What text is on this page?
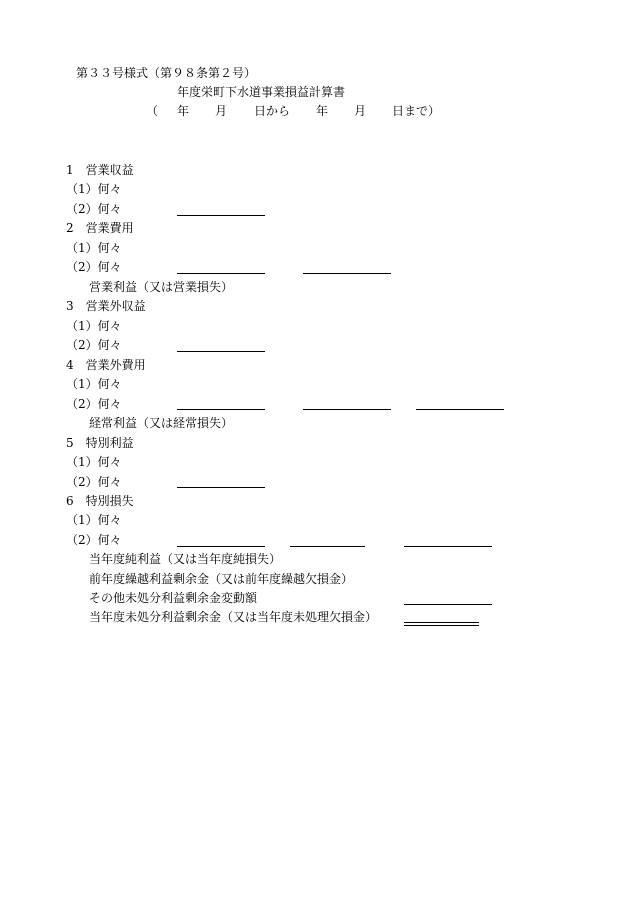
第３３号様式（第９８条第２号）
年度栄町下水道事業損益計算書
（ 年 月 日から 年 月 日まで）
1　営業収益
（1）何々
（2）何々
2　営業費用
（1）何々
（2）何々
営業利益（又は営業損失）
3　営業外収益
（1）何々
（2）何々
4　営業外費用
（1）何々
（2）何々
経常利益（又は経常損失）
5　特別利益
（1）何々
（2）何々
6　特別損失
（1）何々
（2）何々
当年度純利益（又は当年度純損失）
前年度繰越利益剰余金（又は前年度繰越欠損金）
その他未処分利益剰余金変動額
当年度未処分利益剰余金（又は当年度未処理欠損金）
